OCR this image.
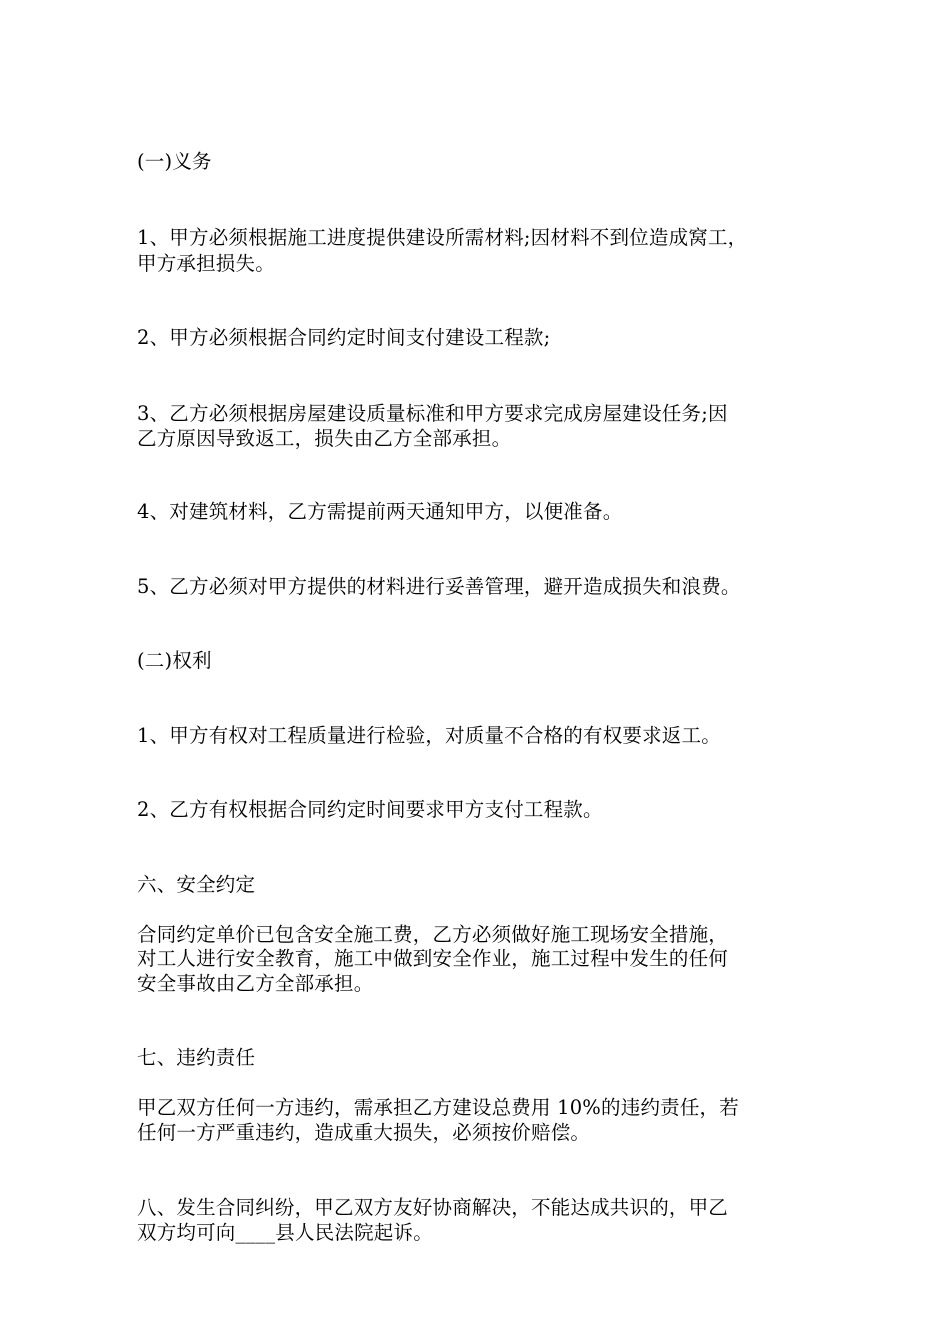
(一)义务
1、甲方必须根据施工进度提供建设所需材料;因材料不到位造成窝工，
甲方承担损失。
2、甲方必须根据合同约定时间支付建设工程款;
3、乙方必须根据房屋建设质量标准和甲方要求完成房屋建设任务;因
乙方原因导致返工，损失由乙方全部承担。
4、对建筑材料，乙方需提前两天通知甲方，以便准备。
5、乙方必须对甲方提供的材料进行妥善管理，避开造成损失和浪费。
(二)权利
1、甲方有权对工程质量进行检验，对质量不合格的有权要求返工。
2、乙方有权根据合同约定时间要求甲方支付工程款。
六、安全约定
合同约定单价已包含安全施工费，乙方必须做好施工现场安全措施，
对工人进行安全教育，施工中做到安全作业，施工过程中发生的任何
安全事故由乙方全部承担。
七、违约责任
甲乙双方任何一方违约，需承担乙方建设总费用 10%的违约责任，若
任何一方严重违约，造成重大损失，必须按价赔偿。
八、发生合同纠纷，甲乙双方友好协商解决，不能达成共识的，甲乙
双方均可向____县人民法院起诉。
